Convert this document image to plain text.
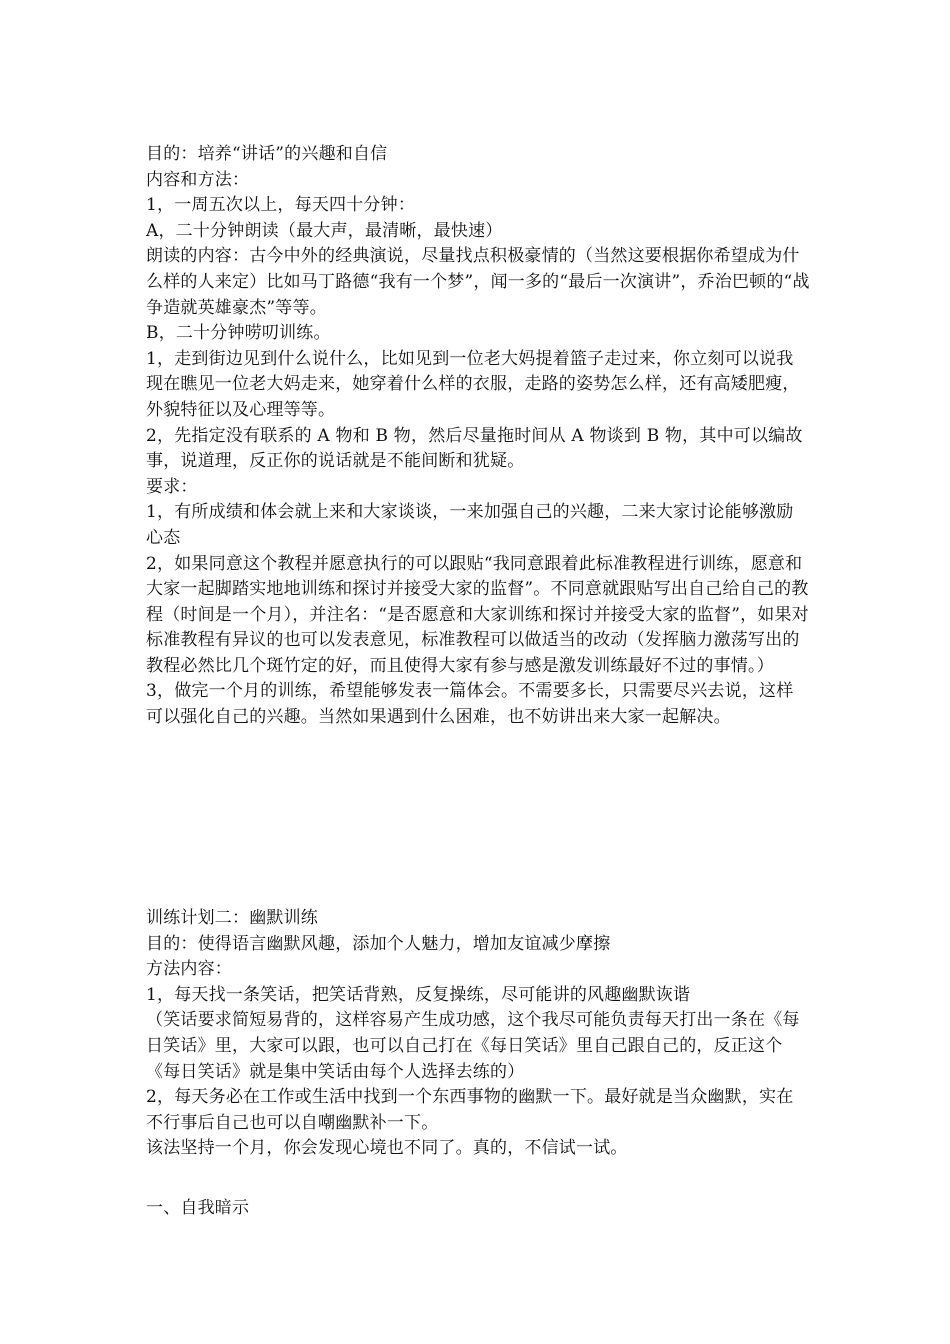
目的：培养“讲话”的兴趣和自信

内容和方法：

1，一周五次以上，每天四十分钟：

A，二十分钟朗读（最大声，最清晰，最快速）

朗读的内容：古今中外的经典演说，尽量找点积极豪情的（当然这要根据你希望成为什么样的人来定）比如马丁路德“我有一个梦”，闻一多的“最后一次演讲”，乔治巴顿的“战争造就英雄豪杰”等等。

B，二十分钟唠叨训练。

1，走到街边见到什么说什么，比如见到一位老大妈提着篮子走过来，你立刻可以说我现在瞧见一位老大妈走来，她穿着什么样的衣服，走路的姿势怎么样，还有高矮肥瘦，外貌特征以及心理等等。

2，先指定没有联系的 A 物和 B 物，然后尽量拖时间从 A 物谈到 B 物，其中可以编故事，说道理，反正你的说话就是不能间断和犹疑。

要求：

1，有所成绩和体会就上来和大家谈谈，一来加强自己的兴趣，二来大家讨论能够激励心态

2，如果同意这个教程并愿意执行的可以跟贴“我同意跟着此标准教程进行训练，愿意和大家一起脚踏实地地训练和探讨并接受大家的监督”。不同意就跟贴写出自己给自己的教程（时间是一个月），并注名：“是否愿意和大家训练和探讨并接受大家的监督”，如果对标准教程有异议的也可以发表意见，标准教程可以做适当的改动（发挥脑力激荡写出的教程必然比几个斑竹定的好，而且使得大家有参与感是激发训练最好不过的事情。）

3，做完一个月的训练，希望能够发表一篇体会。不需要多长，只需要尽兴去说，这样可以强化自己的兴趣。当然如果遇到什么困难，也不妨讲出来大家一起解决。

训练计划二：幽默训练

目的：使得语言幽默风趣，添加个人魅力，增加友谊减少摩擦

方法内容：

1，每天找一条笑话，把笑话背熟，反复操练，尽可能讲的风趣幽默诙谐

（笑话要求简短易背的，这样容易产生成功感，这个我尽可能负责每天打出一条在《每日笑话》里，大家可以跟，也可以自己打在《每日笑话》里自己跟自己的，反正这个《每日笑话》就是集中笑话由每个人选择去练的）

2，每天务必在工作或生活中找到一个东西事物的幽默一下。最好就是当众幽默，实在不行事后自己也可以自嘲幽默补一下。

该法坚持一个月，你会发现心境也不同了。真的，不信试一试。

一、自我暗示
